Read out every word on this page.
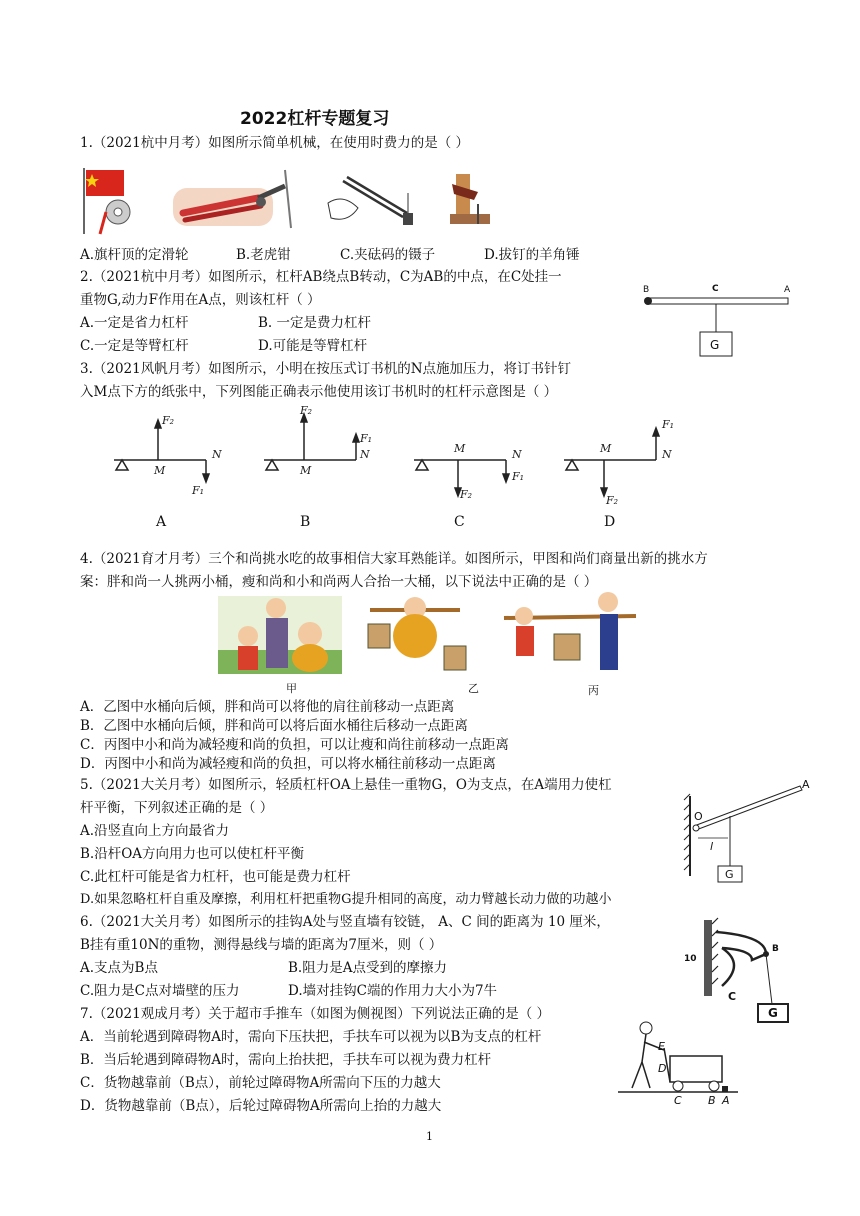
2022杠杆专题复习
1.（2021杭中月考）如图所示简单机械，在使用时费力的是（ ）
A.旗杆顶的定滑轮	B.老虎钳	C.夹砝码的镊子	D.拔钉的羊角锤
2.（2021杭中月考）如图所示，杠杆AB绕点B转动，C为AB的中点，在C处挂一
重物G,动力F作用在A点，则该杠杆（ ）
A.一定是省力杠杆	B. 一定是费力杠杆
C.一定是等臂杠杆	D.可能是等臂杠杆
B	C	A
G
3.（2021风帆月考）如图所示，小明在按压式订书机的N点施加压力，将订书针钉
入M点下方的纸张中，下列图能正确表示他使用该订书机时的杠杆示意图是（ ）
F₂
M
N
F₁
F₂
M
N
F₁
M	N
F₂
F₁
M	N
F₂
F₁
A	B	C	D
4.（2021育才月考）三个和尚挑水吃的故事相信大家耳熟能详。如图所示，甲图和尚们商量出新的挑水方
案：胖和尚一人挑两小桶，瘦和尚和小和尚两人合抬一大桶，以下说法中正确的是（ ）
甲	乙	丙
A．乙图中水桶向后倾，胖和尚可以将他的肩往前移动一点距离
B．乙图中水桶向后倾，胖和尚可以将后面水桶往后移动一点距离
C．丙图中小和尚为减轻瘦和尚的负担，可以让瘦和尚往前移动一点距离
D．丙图中小和尚为减轻瘦和尚的负担，可以将水桶往前移动一点距离
5.（2021大关月考）如图所示，轻质杠杆OA上悬佳一重物G，O为支点，在A端用力使杠
杆平衡，下列叙述正确的是（ ）
A.沿竖直向上方向最省力
B.沿杆OA方向用力也可以使杠杆平衡
C.此杠杆可能是省力杠杆，也可能是费力杠杆
D.如果忽略杠杆自重及摩擦，利用杠杆把重物G提升相同的高度，动力臂越长动力做的功越小
A
O
l
G
6.（2021大关月考）如图所示的挂钩A处与竖直墙有铰链， A、C 间的距离为 10 厘米，
B挂有重10N的重物，测得悬线与墙的距离为7厘米，则（ ）
A.支点为B点	B.阻力是A点受到的摩擦力
C.阻力是C点对墙壁的压力	D.墙对挂钩C端的作用力大小为7牛
10
B
C
G
7.（2021观成月考）关于超市手推车（如图为侧视图）下列说法正确的是（ ）
A．当前轮遇到障碍物A时，需向下压扶把，手扶车可以视为以B为支点的杠杆
B．当后轮遇到障碍物A时，需向上抬扶把，手扶车可以视为费力杠杆
C．货物越靠前（B点），前轮过障碍物A所需向下压的力越大
D．货物越靠前（B点），后轮过障碍物A所需向上抬的力越大
E
D
C B A
1
